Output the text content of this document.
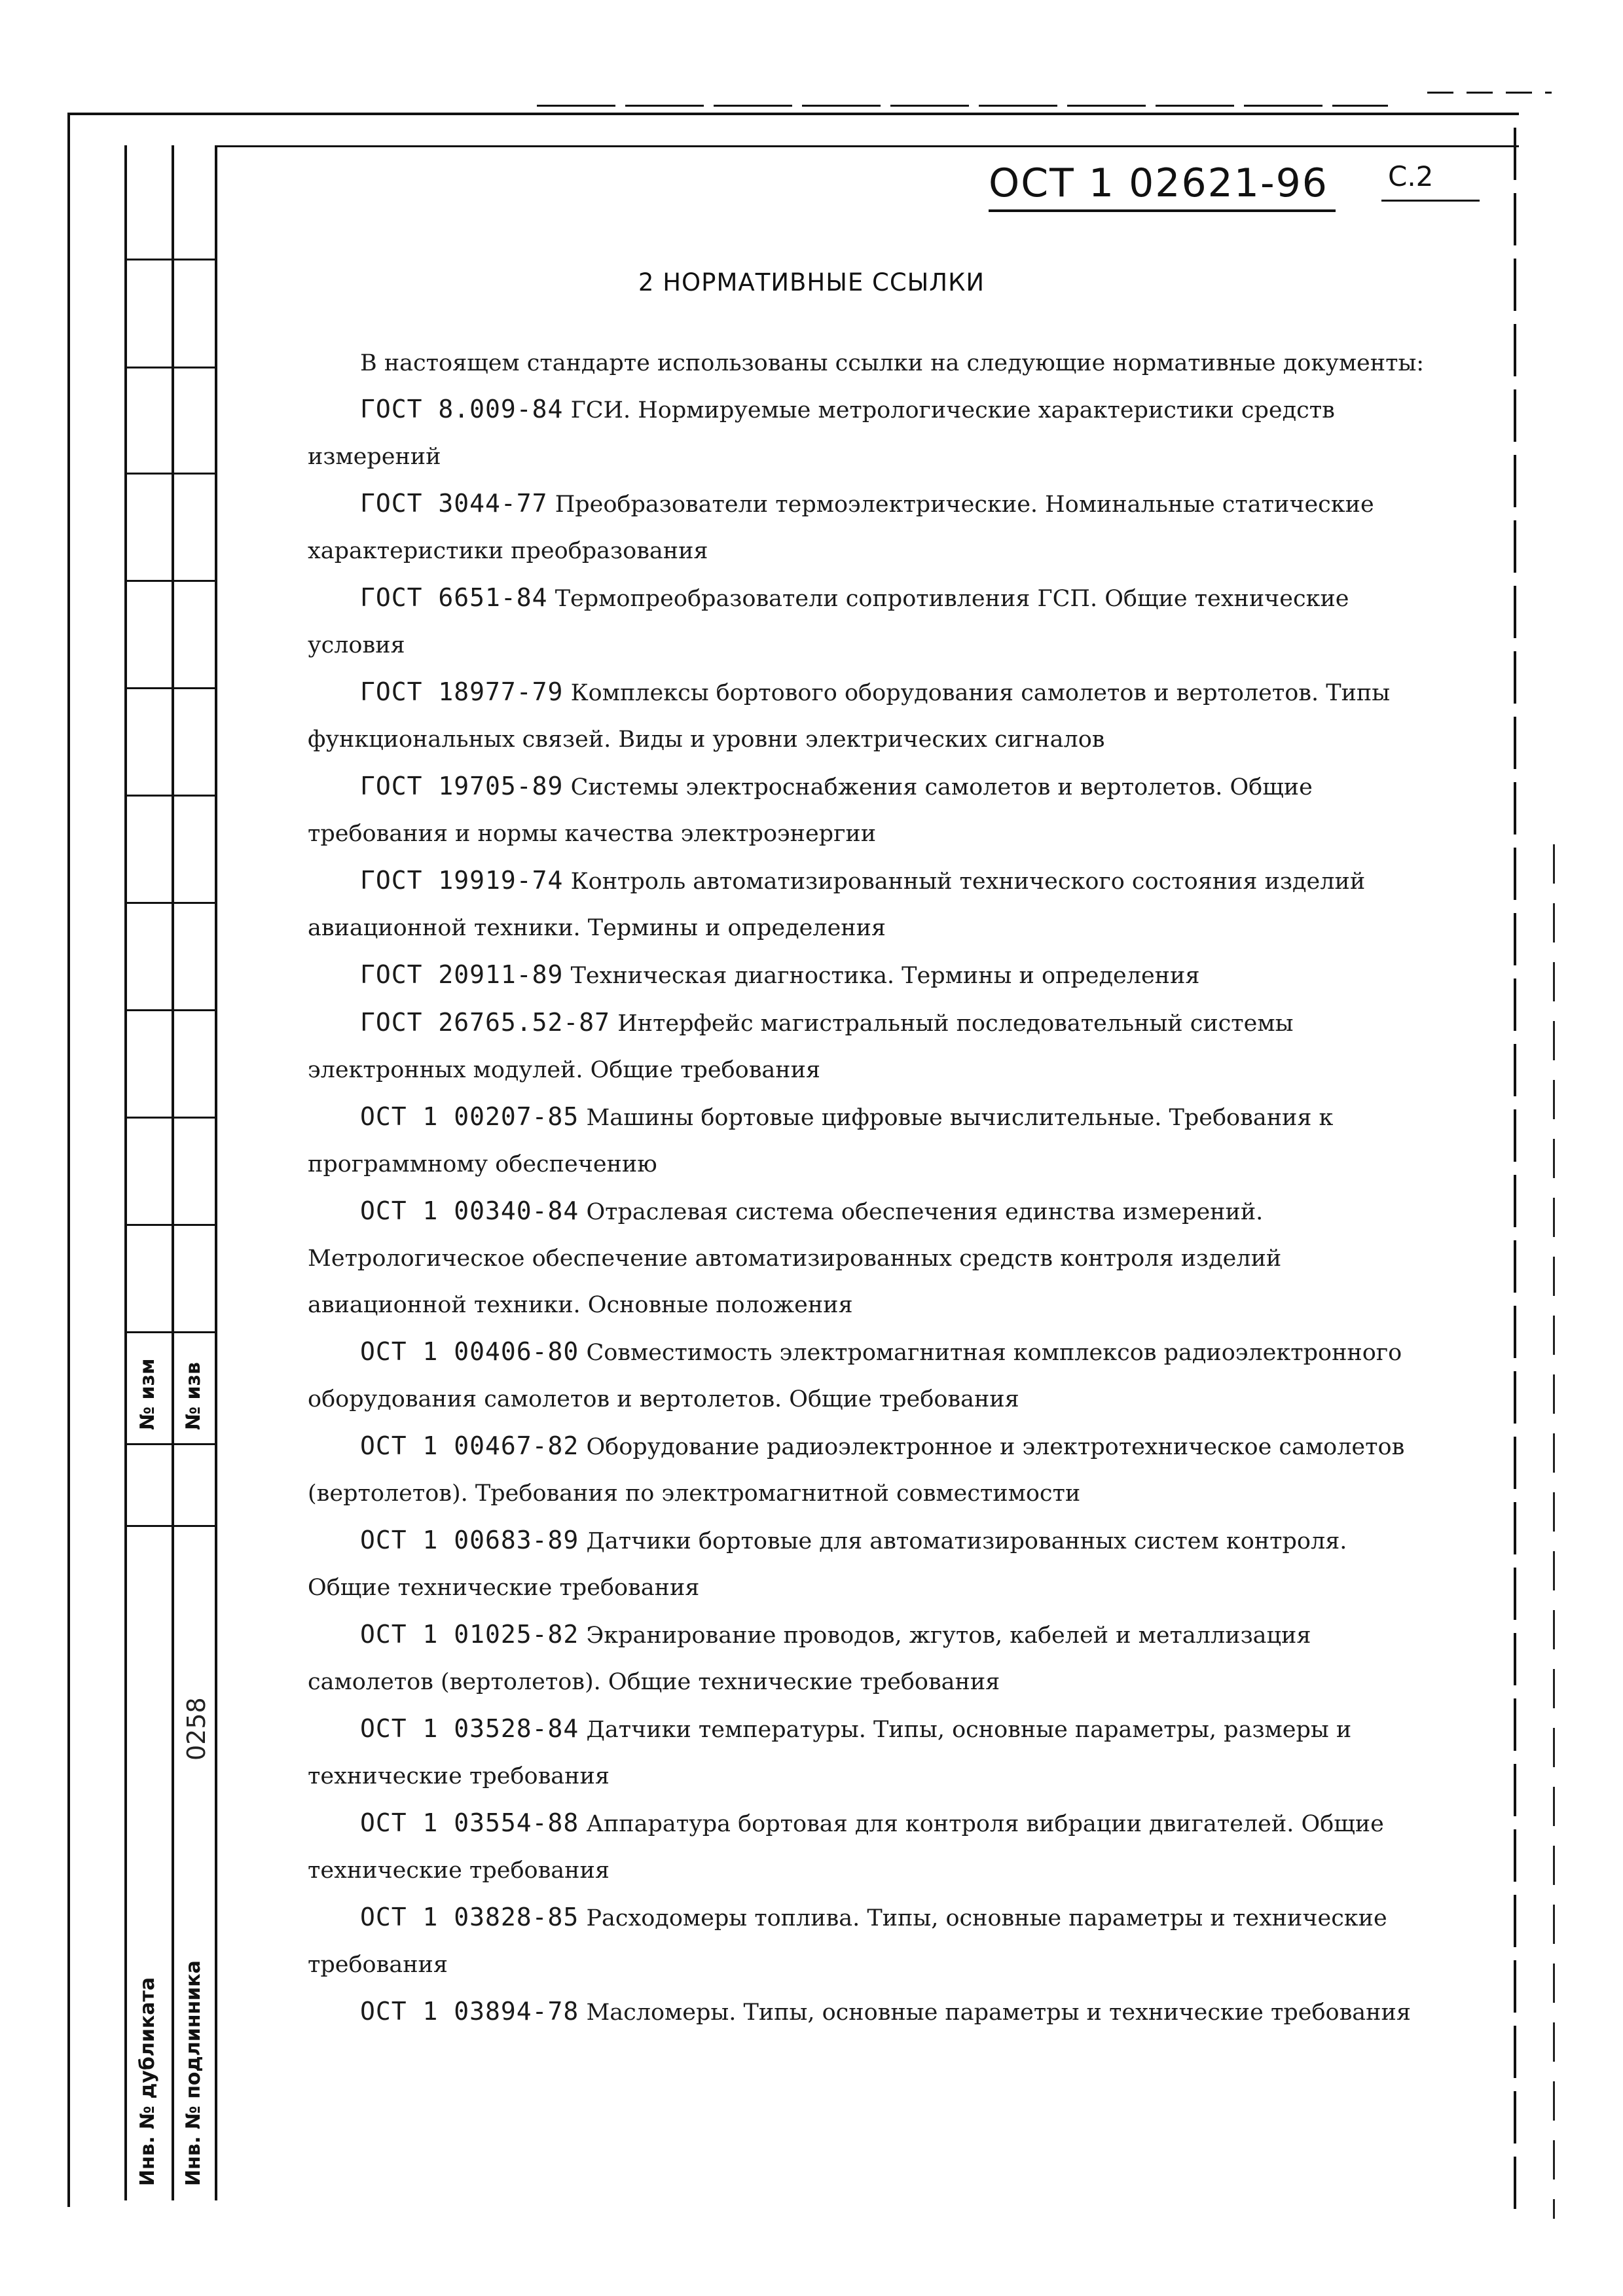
№ изм № изв
0258
Инв. № дубликата Инв. № подлинника
ОСТ 1 02621-96 С.2
2 НОРМАТИВНЫЕ ССЫЛКИ

В настоящем стандарте использованы ссылки на следующие нормативные документы:

ГОСТ 8.009-84 ГСИ. Нормируемые метрологические характеристики средств измерений

ГОСТ 3044-77 Преобразователи термоэлектрические. Номинальные статические характеристики преобразования

ГОСТ 6651-84 Термопреобразователи сопротивления ГСП. Общие технические условия

ГОСТ 18977-79 Комплексы бортового оборудования самолетов и вертолетов. Типы функциональных связей. Виды и уровни электрических сигналов

ГОСТ 19705-89 Системы электроснабжения самолетов и вертолетов. Общие требования и нормы качества электроэнергии

ГОСТ 19919-74 Контроль автоматизированный технического состояния изделий авиационной техники. Термины и определения

ГОСТ 20911-89 Техническая диагностика. Термины и определения

ГОСТ 26765.52-87 Интерфейс магистральный последовательный системы электронных модулей. Общие требования

ОСТ 1 00207-85 Машины бортовые цифровые вычислительные. Требования к программному обеспечению

ОСТ 1 00340-84 Отраслевая система обеспечения единства измерений. Метрологическое обеспечение автоматизированных средств контроля изделий авиационной техники. Основные положения

ОСТ 1 00406-80 Совместимость электромагнитная комплексов радиоэлектронного оборудования самолетов и вертолетов. Общие требования

ОСТ 1 00467-82 Оборудование радиоэлектронное и электротехническое самолетов (вертолетов). Требования по электромагнитной совместимости

ОСТ 1 00683-89 Датчики бортовые для автоматизированных систем контроля. Общие технические требования

ОСТ 1 01025-82 Экранирование проводов, жгутов, кабелей и металлизация самолетов (вертолетов). Общие технические требования

ОСТ 1 03528-84 Датчики температуры. Типы, основные параметры, размеры и технические требования

ОСТ 1 03554-88 Аппаратура бортовая для контроля вибрации двигателей. Общие технические требования

ОСТ 1 03828-85 Расходомеры топлива. Типы, основные параметры и технические требования

ОСТ 1 03894-78 Масломеры. Типы, основные параметры и технические требования
